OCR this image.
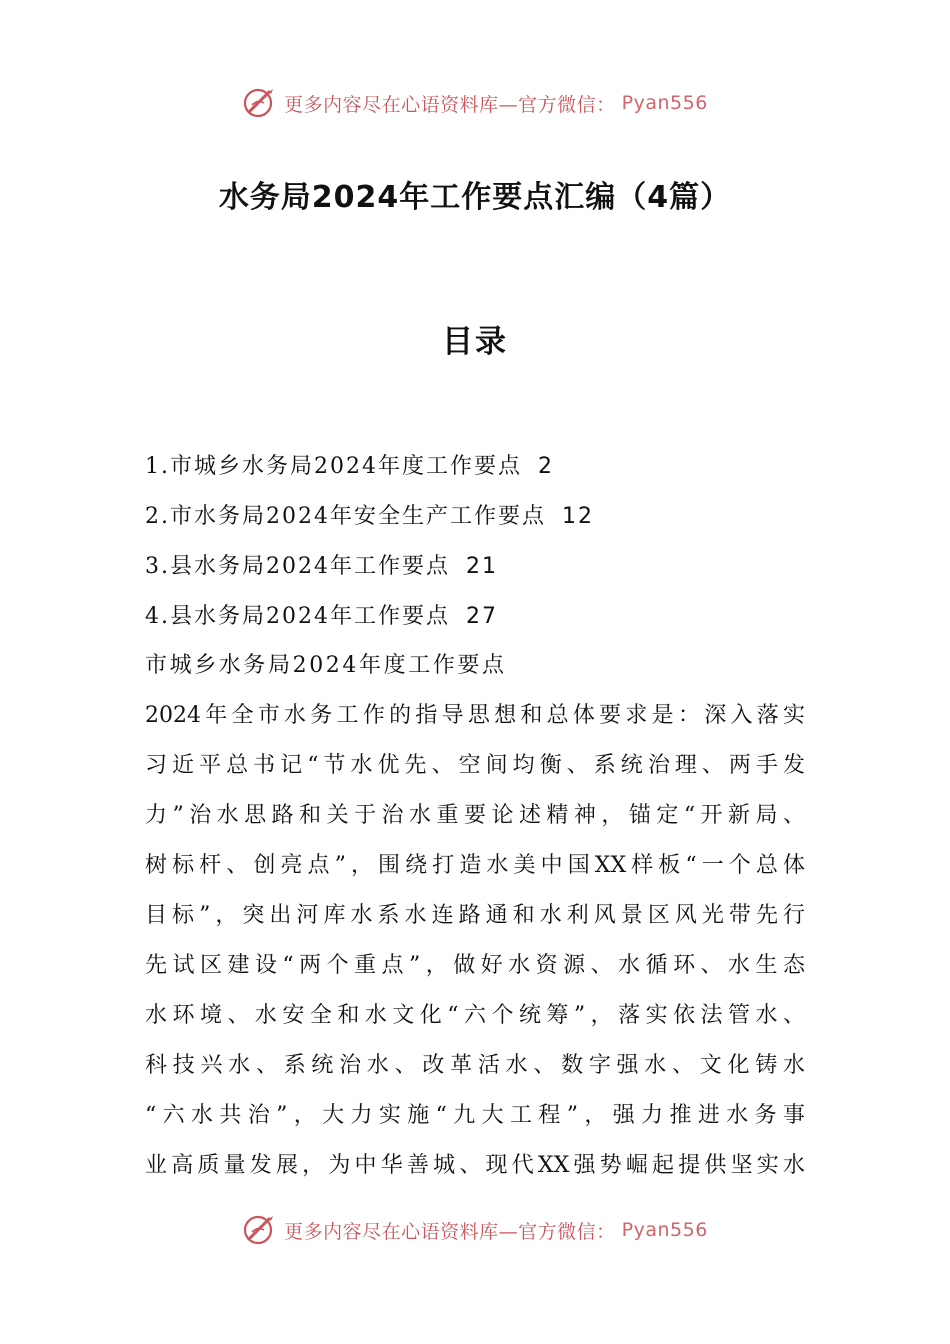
更多内容尽在心语资料库—官方微信： Pyan556
水务局2024年工作要点汇编（4篇）
目录
1.市城乡水务局2024年度工作要点 2
2.市水务局2024年安全生产工作要点 12
3.县水务局2024年工作要点 21
4.县水务局2024年工作要点 27
市城乡水务局2024年度工作要点
2024年全市水务工作的指导思想和总体要求是：深入落实
习近平总书记“节水优先、空间均衡、系统治理、两手发
力”治水思路和关于治水重要论述精神，锚定“开新局、
树标杆、创亮点”，围绕打造水美中国XX样板“一个总体
目标”，突出河库水系水连路通和水利风景区风光带先行
先试区建设“两个重点”，做好水资源、水循环、水生态
水环境、水安全和水文化“六个统筹”，落实依法管水、
科技兴水、系统治水、改革活水、数字强水、文化铸水
“六水共治”，大力实施“九大工程”，强力推进水务事
业高质量发展，为中华善城、现代XX强势崛起提供坚实水
更多内容尽在心语资料库—官方微信： Pyan556
